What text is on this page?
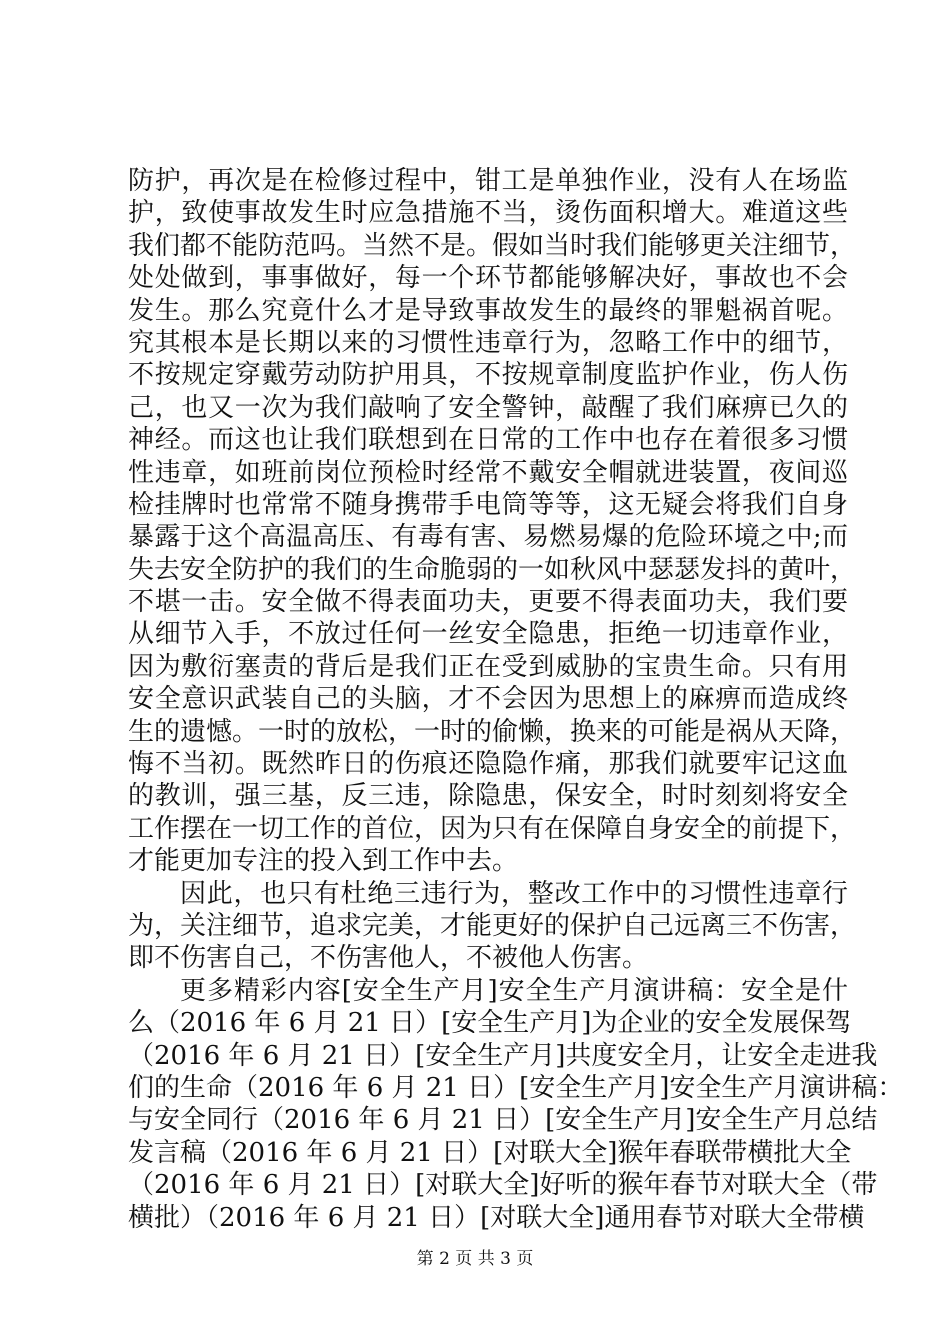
防护，再次是在检修过程中，钳工是单独作业，没有人在场监
护，致使事故发生时应急措施不当，烫伤面积增大。难道这些
我们都不能防范吗。当然不是。假如当时我们能够更关注细节，
处处做到，事事做好，每一个环节都能够解决好，事故也不会
发生。那么究竟什么才是导致事故发生的最终的罪魁祸首呢。
究其根本是长期以来的习惯性违章行为，忽略工作中的细节，
不按规定穿戴劳动防护用具，不按规章制度监护作业，伤人伤
己，也又一次为我们敲响了安全警钟，敲醒了我们麻痹已久的
神经。而这也让我们联想到在日常的工作中也存在着很多习惯
性违章，如班前岗位预检时经常不戴安全帽就进装置，夜间巡
检挂牌时也常常不随身携带手电筒等等，这无疑会将我们自身
暴露于这个高温高压、有毒有害、易燃易爆的危险环境之中;而
失去安全防护的我们的生命脆弱的一如秋风中瑟瑟发抖的黄叶，
不堪一击。安全做不得表面功夫，更要不得表面功夫，我们要
从细节入手，不放过任何一丝安全隐患，拒绝一切违章作业，
因为敷衍塞责的背后是我们正在受到威胁的宝贵生命。只有用
安全意识武装自己的头脑，才不会因为思想上的麻痹而造成终
生的遗憾。一时的放松，一时的偷懒，换来的可能是祸从天降，
悔不当初。既然昨日的伤痕还隐隐作痛，那我们就要牢记这血
的教训，强三基，反三违，除隐患，保安全，时时刻刻将安全
工作摆在一切工作的首位，因为只有在保障自身安全的前提下，
才能更加专注的投入到工作中去。
因此，也只有杜绝三违行为，整改工作中的习惯性违章行
为，关注细节，追求完美，才能更好的保护自己远离三不伤害，
即不伤害自己，不伤害他人，不被他人伤害。
更多精彩内容[安全生产月]安全生产月演讲稿：安全是什
么（2016 年 6 月 21 日）[安全生产月]为企业的安全发展保驾
（2016 年 6 月 21 日）[安全生产月]共度安全月，让安全走进我
们的生命（2016 年 6 月 21 日）[安全生产月]安全生产月演讲稿：
与安全同行（2016 年 6 月 21 日）[安全生产月]安全生产月总结
发言稿（2016 年 6 月 21 日）[对联大全]猴年春联带横批大全
（2016 年 6 月 21 日）[对联大全]好听的猴年春节对联大全（带
横批）（2016 年 6 月 21 日）[对联大全]通用春节对联大全带横
第 2 页 共 3 页
